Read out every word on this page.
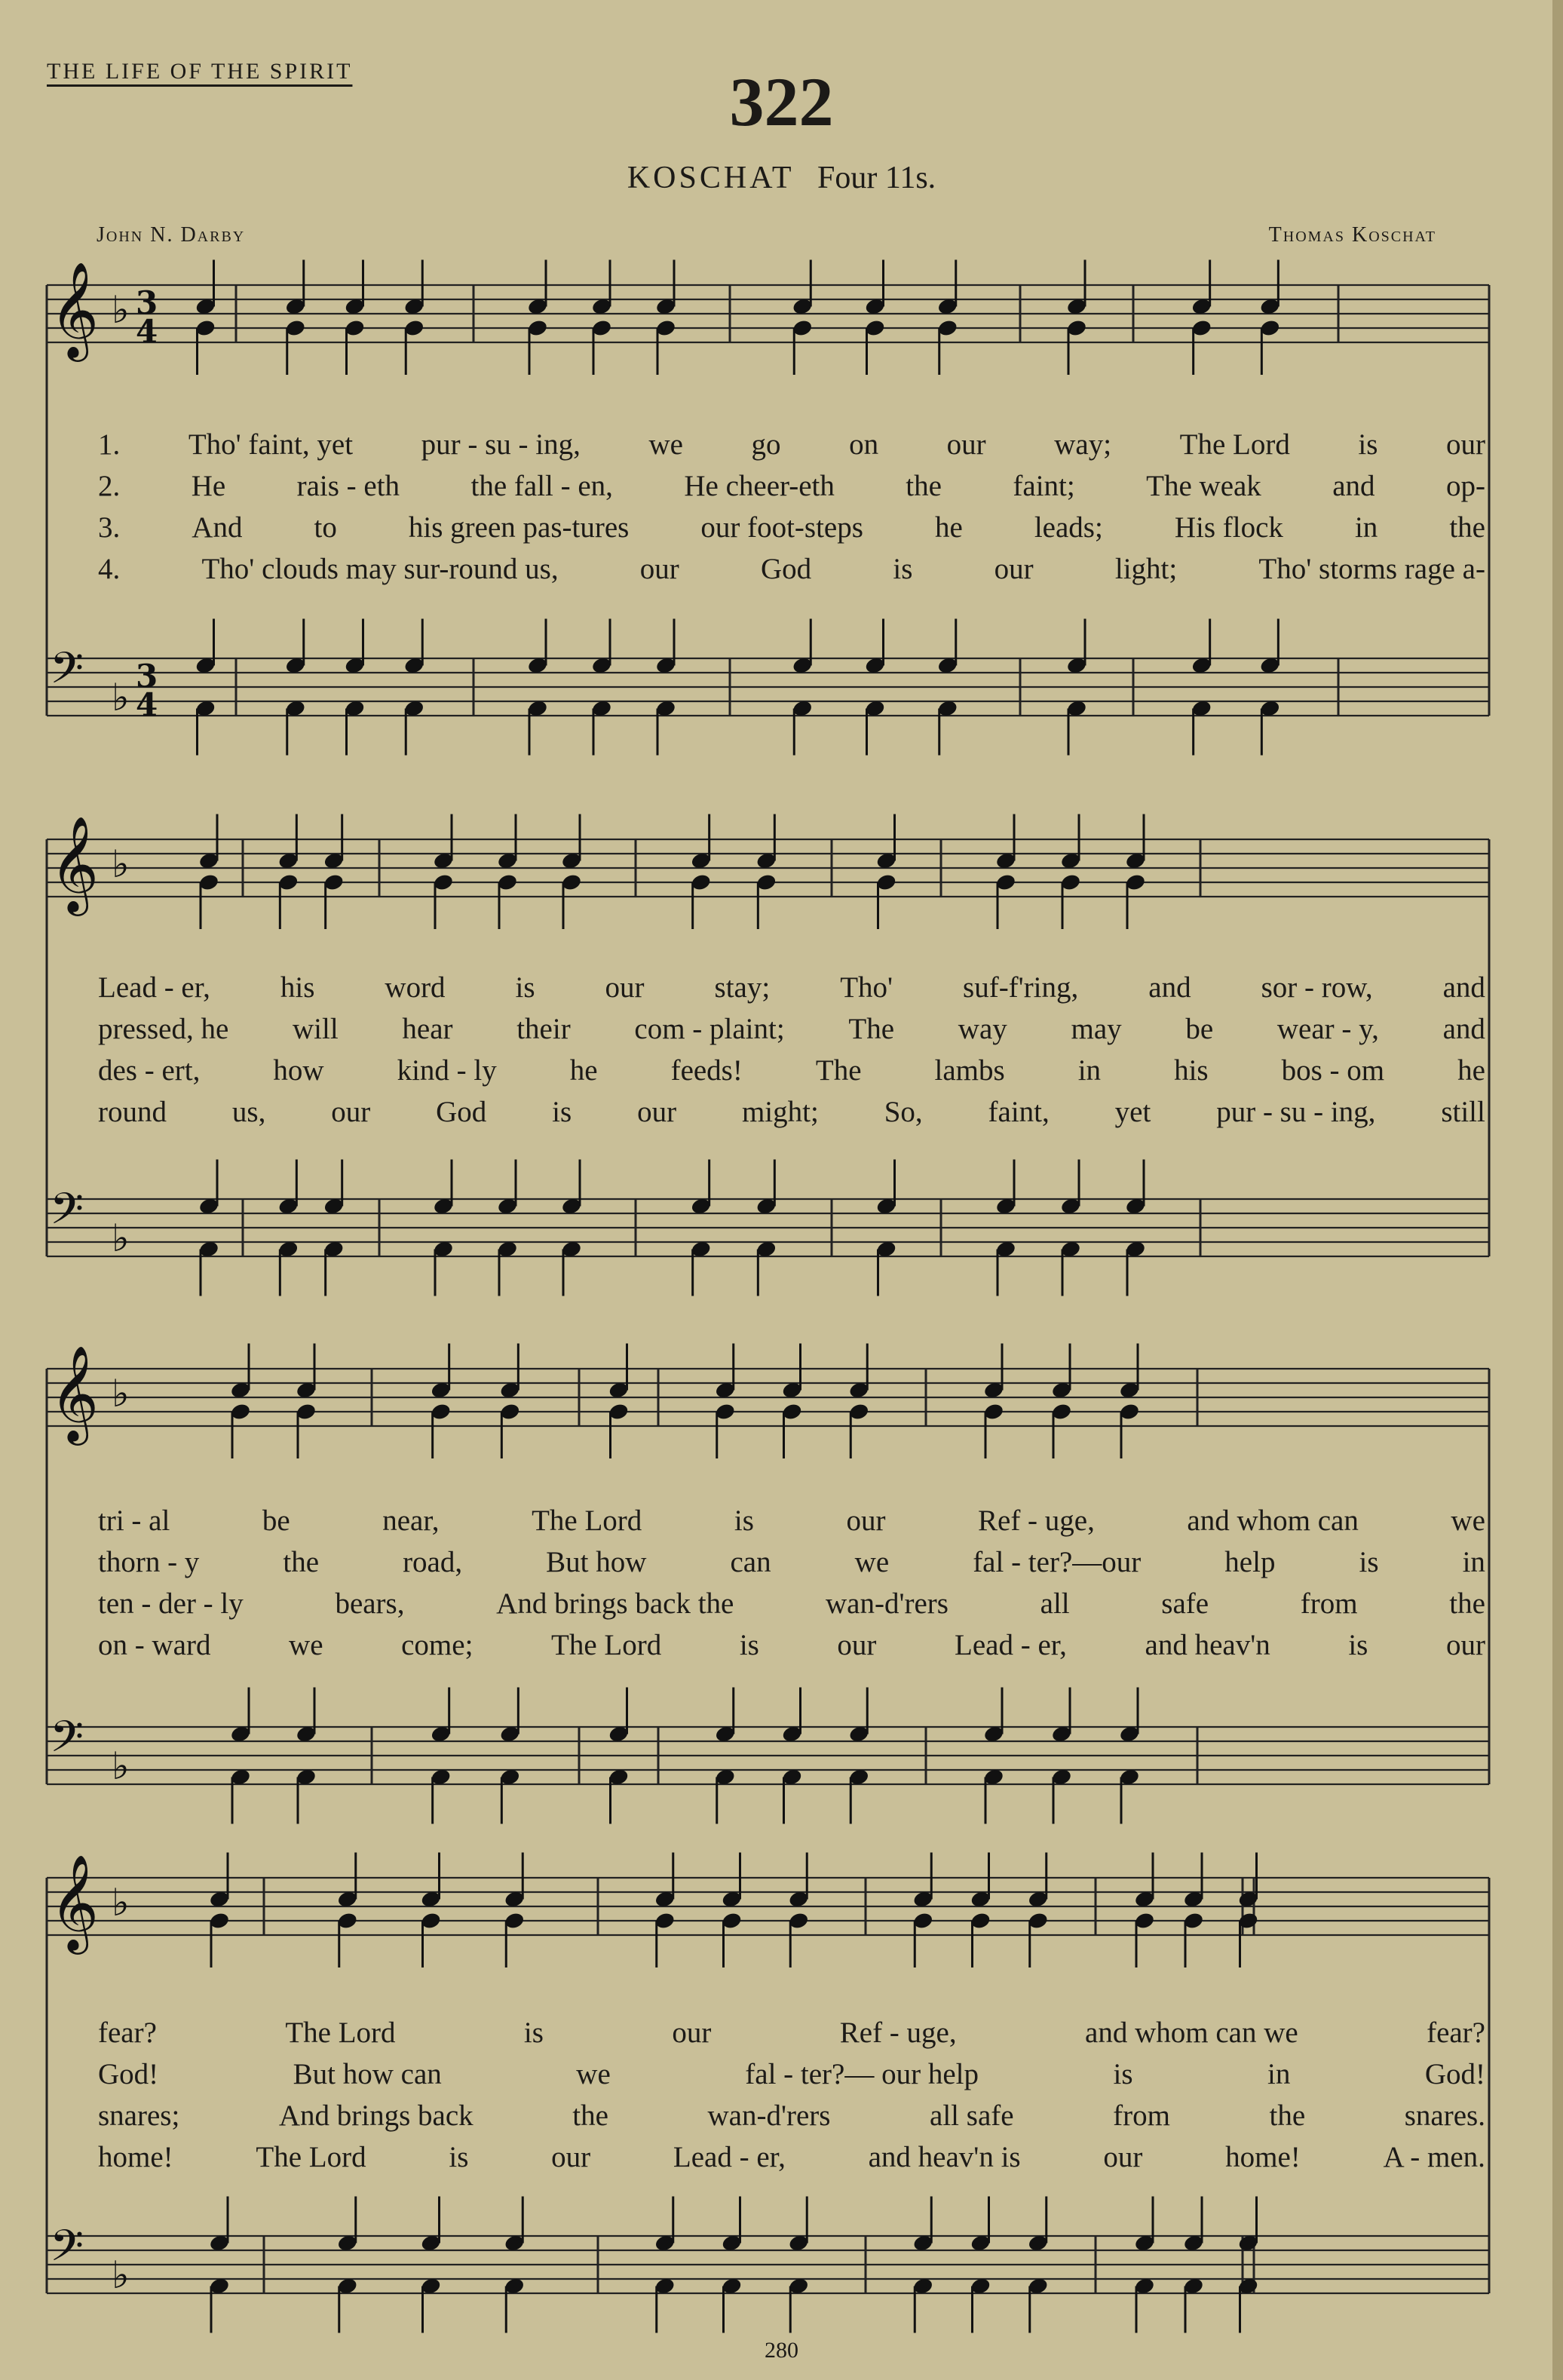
THE LIFE OF THE SPIRIT	322
KOSCHAT Four 11s.
John N. Darby	Thomas Koschat
𝄞 ♭
𝄢 ♭
3
4
3
4
𝄞 ♭
𝄢 ♭
𝄞 ♭
𝄢 ♭
𝄞 ♭
𝄢 ♭
1. Tho' faint, yet pur - su - ing, we go on our way; The Lord is our
2. He rais - eth the fall - en, He cheer-eth the faint; The weak and op-
3. And to his green pas-tures our foot-steps he leads; His flock in the
4.	Tho' clouds may sur-round us,	our	God	is	our	light;	Tho' storms rage a-
Lead - er, his word is our stay; Tho' suf-f'ring, and sor - row, and
pressed, he will hear their com - plaint; The way may be wear - y, and
des - ert, how kind - ly he feeds! The lambs in his bos - om he
round us, our God is our might; So, faint, yet pur - su - ing, still
tri - al	be	near,	The Lord	is	our	Ref - uge,	and whom can	we
thorn - y	the	road,	But how	can	we	fal - ter?—our	help	is	in
ten - der - ly	bears,	And brings back the	wan-d'rers	all	safe	from	the
on - ward	we	come;	The Lord	is	our	Lead - er,	and heav'n	is	our
fear?	The Lord	is	our	Ref - uge,	and whom can we	fear?
God!	But how can	we	fal - ter?— our help	is	in	God!
snares;	And brings back	the	wan-d'rers	all safe	from	the	snares.
home!	The Lord	is	our	Lead - er,	and heav'n is	our	home!	A - men.
280
